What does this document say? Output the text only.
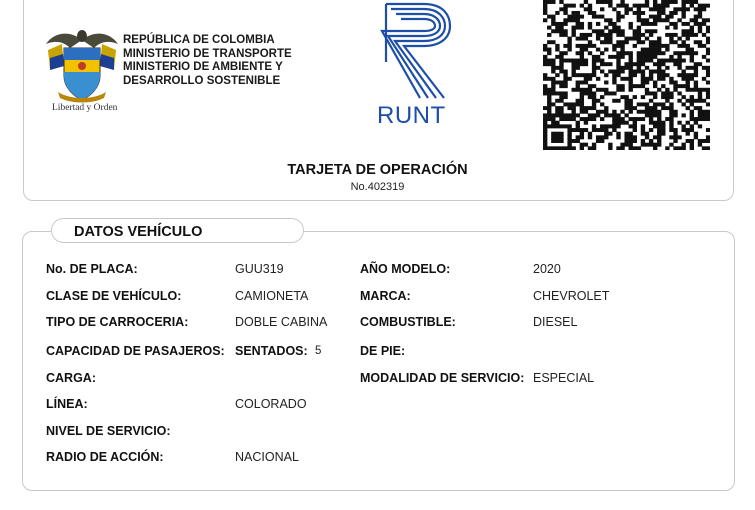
Libertad y Orden
REPÚBLICA DE COLOMBIA
MINISTERIO DE TRANSPORTE
MINISTERIO DE AMBIENTE Y
DESARROLLO SOSTENIBLE
RUNT
TARJETA DE OPERACIÓN
No.402319
DATOS VEHÍCULO
No. DE PLACA:	GUU319	AÑO MODELO:	2020
CLASE DE VEHÍCULO:	CAMIONETA	MARCA:	CHEVROLET
TIPO DE CARROCERIA:	DOBLE CABINA	COMBUSTIBLE:	DIESEL
CAPACIDAD DE PASAJEROS: SENTADOS: 5	DE PIE:
CARGA:	MODALIDAD DE SERVICIO: ESPECIAL
LÍNEA:	COLORADO
NIVEL DE SERVICIO:
RADIO DE ACCIÓN:	NACIONAL
